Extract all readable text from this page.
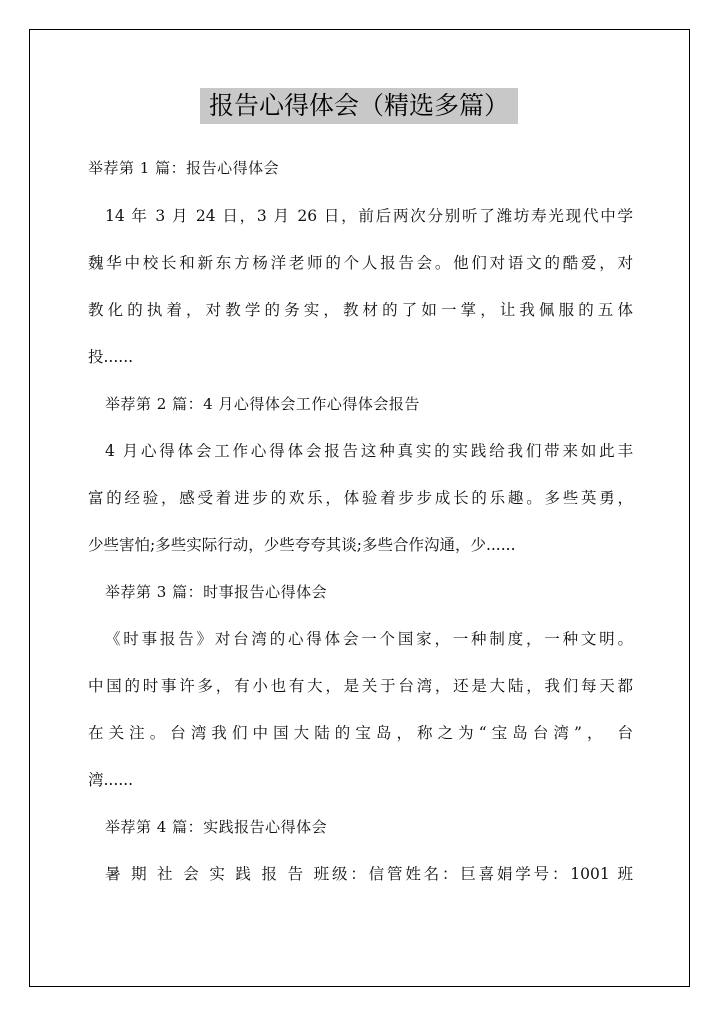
报告心得体会（精选多篇）
举荐第 1 篇：报告心得体会
14 年 3 月 24 日，3 月 26 日，前后两次分别听了潍坊寿光现代中学
魏华中校长和新东方杨洋老师的个人报告会。他们对语文的酷爱，对
教化的执着，对教学的务实，教材的了如一掌，让我佩服的五体
投......
举荐第 2 篇：4 月心得体会工作心得体会报告
4 月心得体会工作心得体会报告这种真实的实践给我们带来如此丰
富的经验，感受着进步的欢乐，体验着步步成长的乐趣。多些英勇，
少些害怕;多些实际行动，少些夸夸其谈;多些合作沟通，少......
举荐第 3 篇：时事报告心得体会
《时事报告》对台湾的心得体会一个国家，一种制度，一种文明。
中国的时事许多，有小也有大，是关于台湾，还是大陆，我们每天都
在关注。台湾我们中国大陆的宝岛，称之为“宝岛台湾”， 台
湾......
举荐第 4 篇：实践报告心得体会
暑 期 社 会 实 践 报 告 班级：信管姓名：巨喜娟学号：1001 班
